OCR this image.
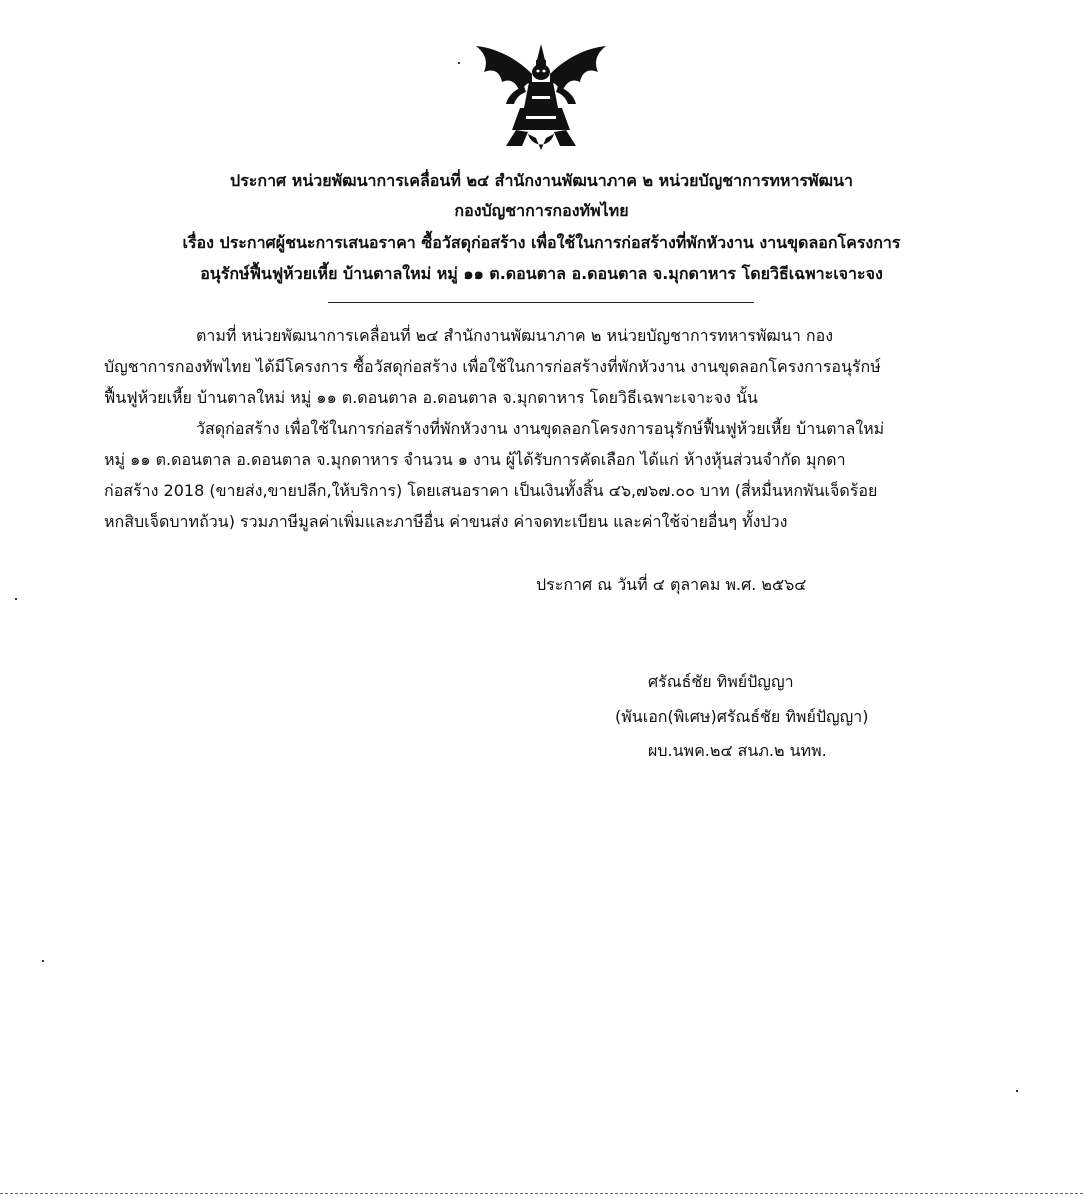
ประกาศ หน่วยพัฒนาการเคลื่อนที่ ๒๔ สำนักงานพัฒนาภาค ๒ หน่วยบัญชาการทหารพัฒนา
กองบัญชาการกองทัพไทย
เรื่อง ประกาศผู้ชนะการเสนอราคา ซื้อวัสดุก่อสร้าง เพื่อใช้ในการก่อสร้างที่พักหัวงาน งานขุดลอกโครงการ
อนุรักษ์ฟื้นฟูห้วยเหี้ย บ้านตาลใหม่ หมู่ ๑๑ ต.ดอนตาล อ.ดอนตาล จ.มุกดาหาร โดยวิธีเฉพาะเจาะจง
ตามที่ หน่วยพัฒนาการเคลื่อนที่ ๒๔ สำนักงานพัฒนาภาค ๒ หน่วยบัญชาการทหารพัฒนา กอง
บัญชาการกองทัพไทย ได้มีโครงการ ซื้อวัสดุก่อสร้าง เพื่อใช้ในการก่อสร้างที่พักหัวงาน งานขุดลอกโครงการอนุรักษ์
ฟื้นฟูห้วยเหี้ย บ้านตาลใหม่ หมู่ ๑๑ ต.ดอนตาล อ.ดอนตาล จ.มุกดาหาร โดยวิธีเฉพาะเจาะจง นั้น
วัสดุก่อสร้าง เพื่อใช้ในการก่อสร้างที่พักหัวงาน งานขุดลอกโครงการอนุรักษ์ฟื้นฟูห้วยเหี้ย บ้านตาลใหม่
หมู่ ๑๑ ต.ดอนตาล อ.ดอนตาล จ.มุกดาหาร จำนวน ๑ งาน ผู้ได้รับการคัดเลือก ได้แก่ ห้างหุ้นส่วนจำกัด มุกดา
ก่อสร้าง 2018 (ขายส่ง,ขายปลีก,ให้บริการ) โดยเสนอราคา เป็นเงินทั้งสิ้น ๔๖,๗๖๗.๐๐ บาท (สี่หมื่นหกพันเจ็ดร้อย
หกสิบเจ็ดบาทถ้วน) รวมภาษีมูลค่าเพิ่มและภาษีอื่น ค่าขนส่ง ค่าจดทะเบียน และค่าใช้จ่ายอื่นๆ ทั้งปวง
ประกาศ ณ วันที่ ๔ ตุลาคม พ.ศ. ๒๕๖๔
ศรัณธ์ชัย ทิพย์ปัญญา
(พันเอก(พิเศษ)ศรัณธ์ชัย ทิพย์ปัญญา)
ผบ.นพค.๒๔ สนภ.๒ นทพ.
